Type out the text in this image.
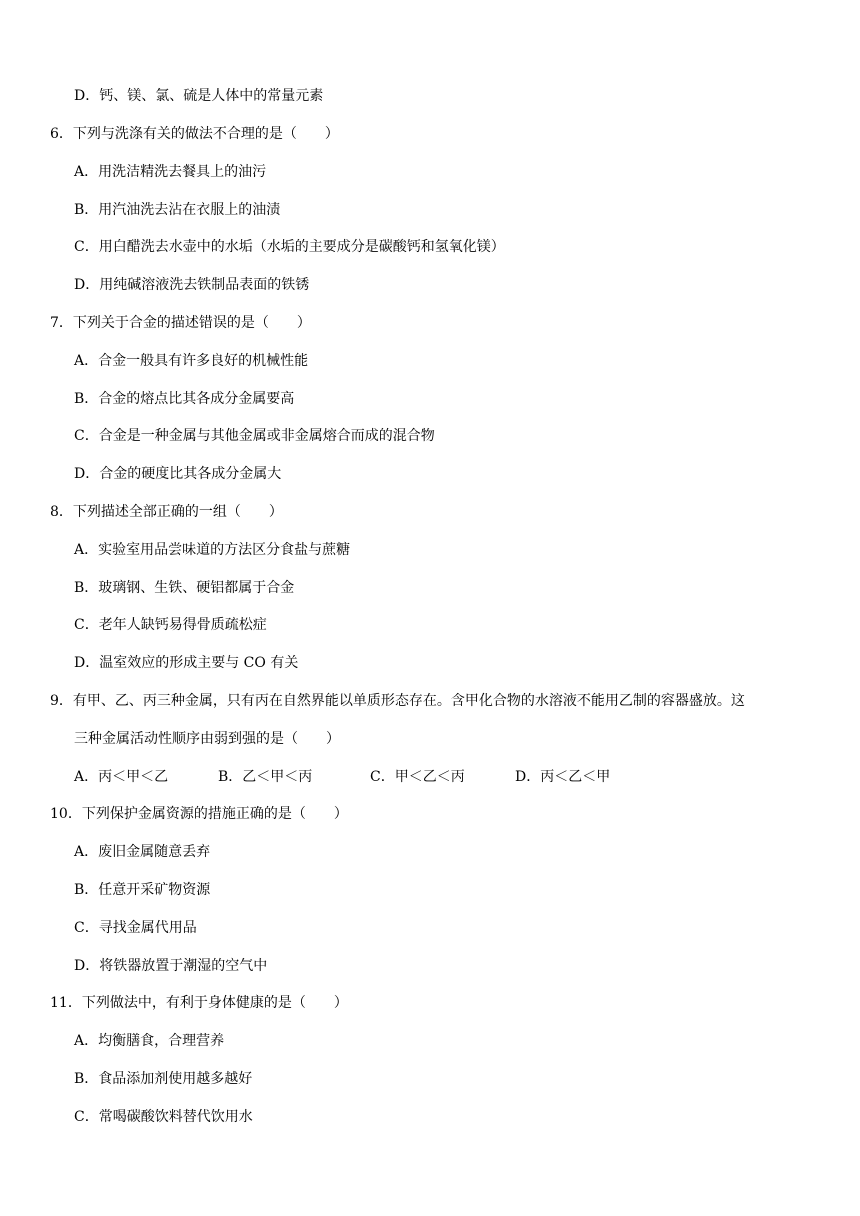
D．钙、镁、氯、硫是人体中的常量元素
6．下列与洗涤有关的做法不合理的是（　　）
A．用洗洁精洗去餐具上的油污
B．用汽油洗去沾在衣服上的油渍
C．用白醋洗去水壶中的水垢（水垢的主要成分是碳酸钙和氢氧化镁）
D．用纯碱溶液洗去铁制品表面的铁锈
7．下列关于合金的描述错误的是（　　）
A．合金一般具有许多良好的机械性能
B．合金的熔点比其各成分金属要高
C．合金是一种金属与其他金属或非金属熔合而成的混合物
D．合金的硬度比其各成分金属大
8．下列描述全部正确的一组（　　）
A．实验室用品尝味道的方法区分食盐与蔗糖
B．玻璃钢、生铁、硬铝都属于合金
C．老年人缺钙易得骨质疏松症
D．温室效应的形成主要与 CO 有关
9．有甲、乙、丙三种金属，只有丙在自然界能以单质形态存在。含甲化合物的水溶液不能用乙制的容器盛放。这
三种金属活动性顺序由弱到强的是（　　）
A．丙＜甲＜乙	B．乙＜甲＜丙	C．甲＜乙＜丙	D．丙＜乙＜甲
10．下列保护金属资源的措施正确的是（　　）
A．废旧金属随意丢弃
B．任意开采矿物资源
C．寻找金属代用品
D．将铁器放置于潮湿的空气中
11．下列做法中，有利于身体健康的是（　　）
A．均衡膳食，合理营养
B．食品添加剂使用越多越好
C．常喝碳酸饮料替代饮用水
